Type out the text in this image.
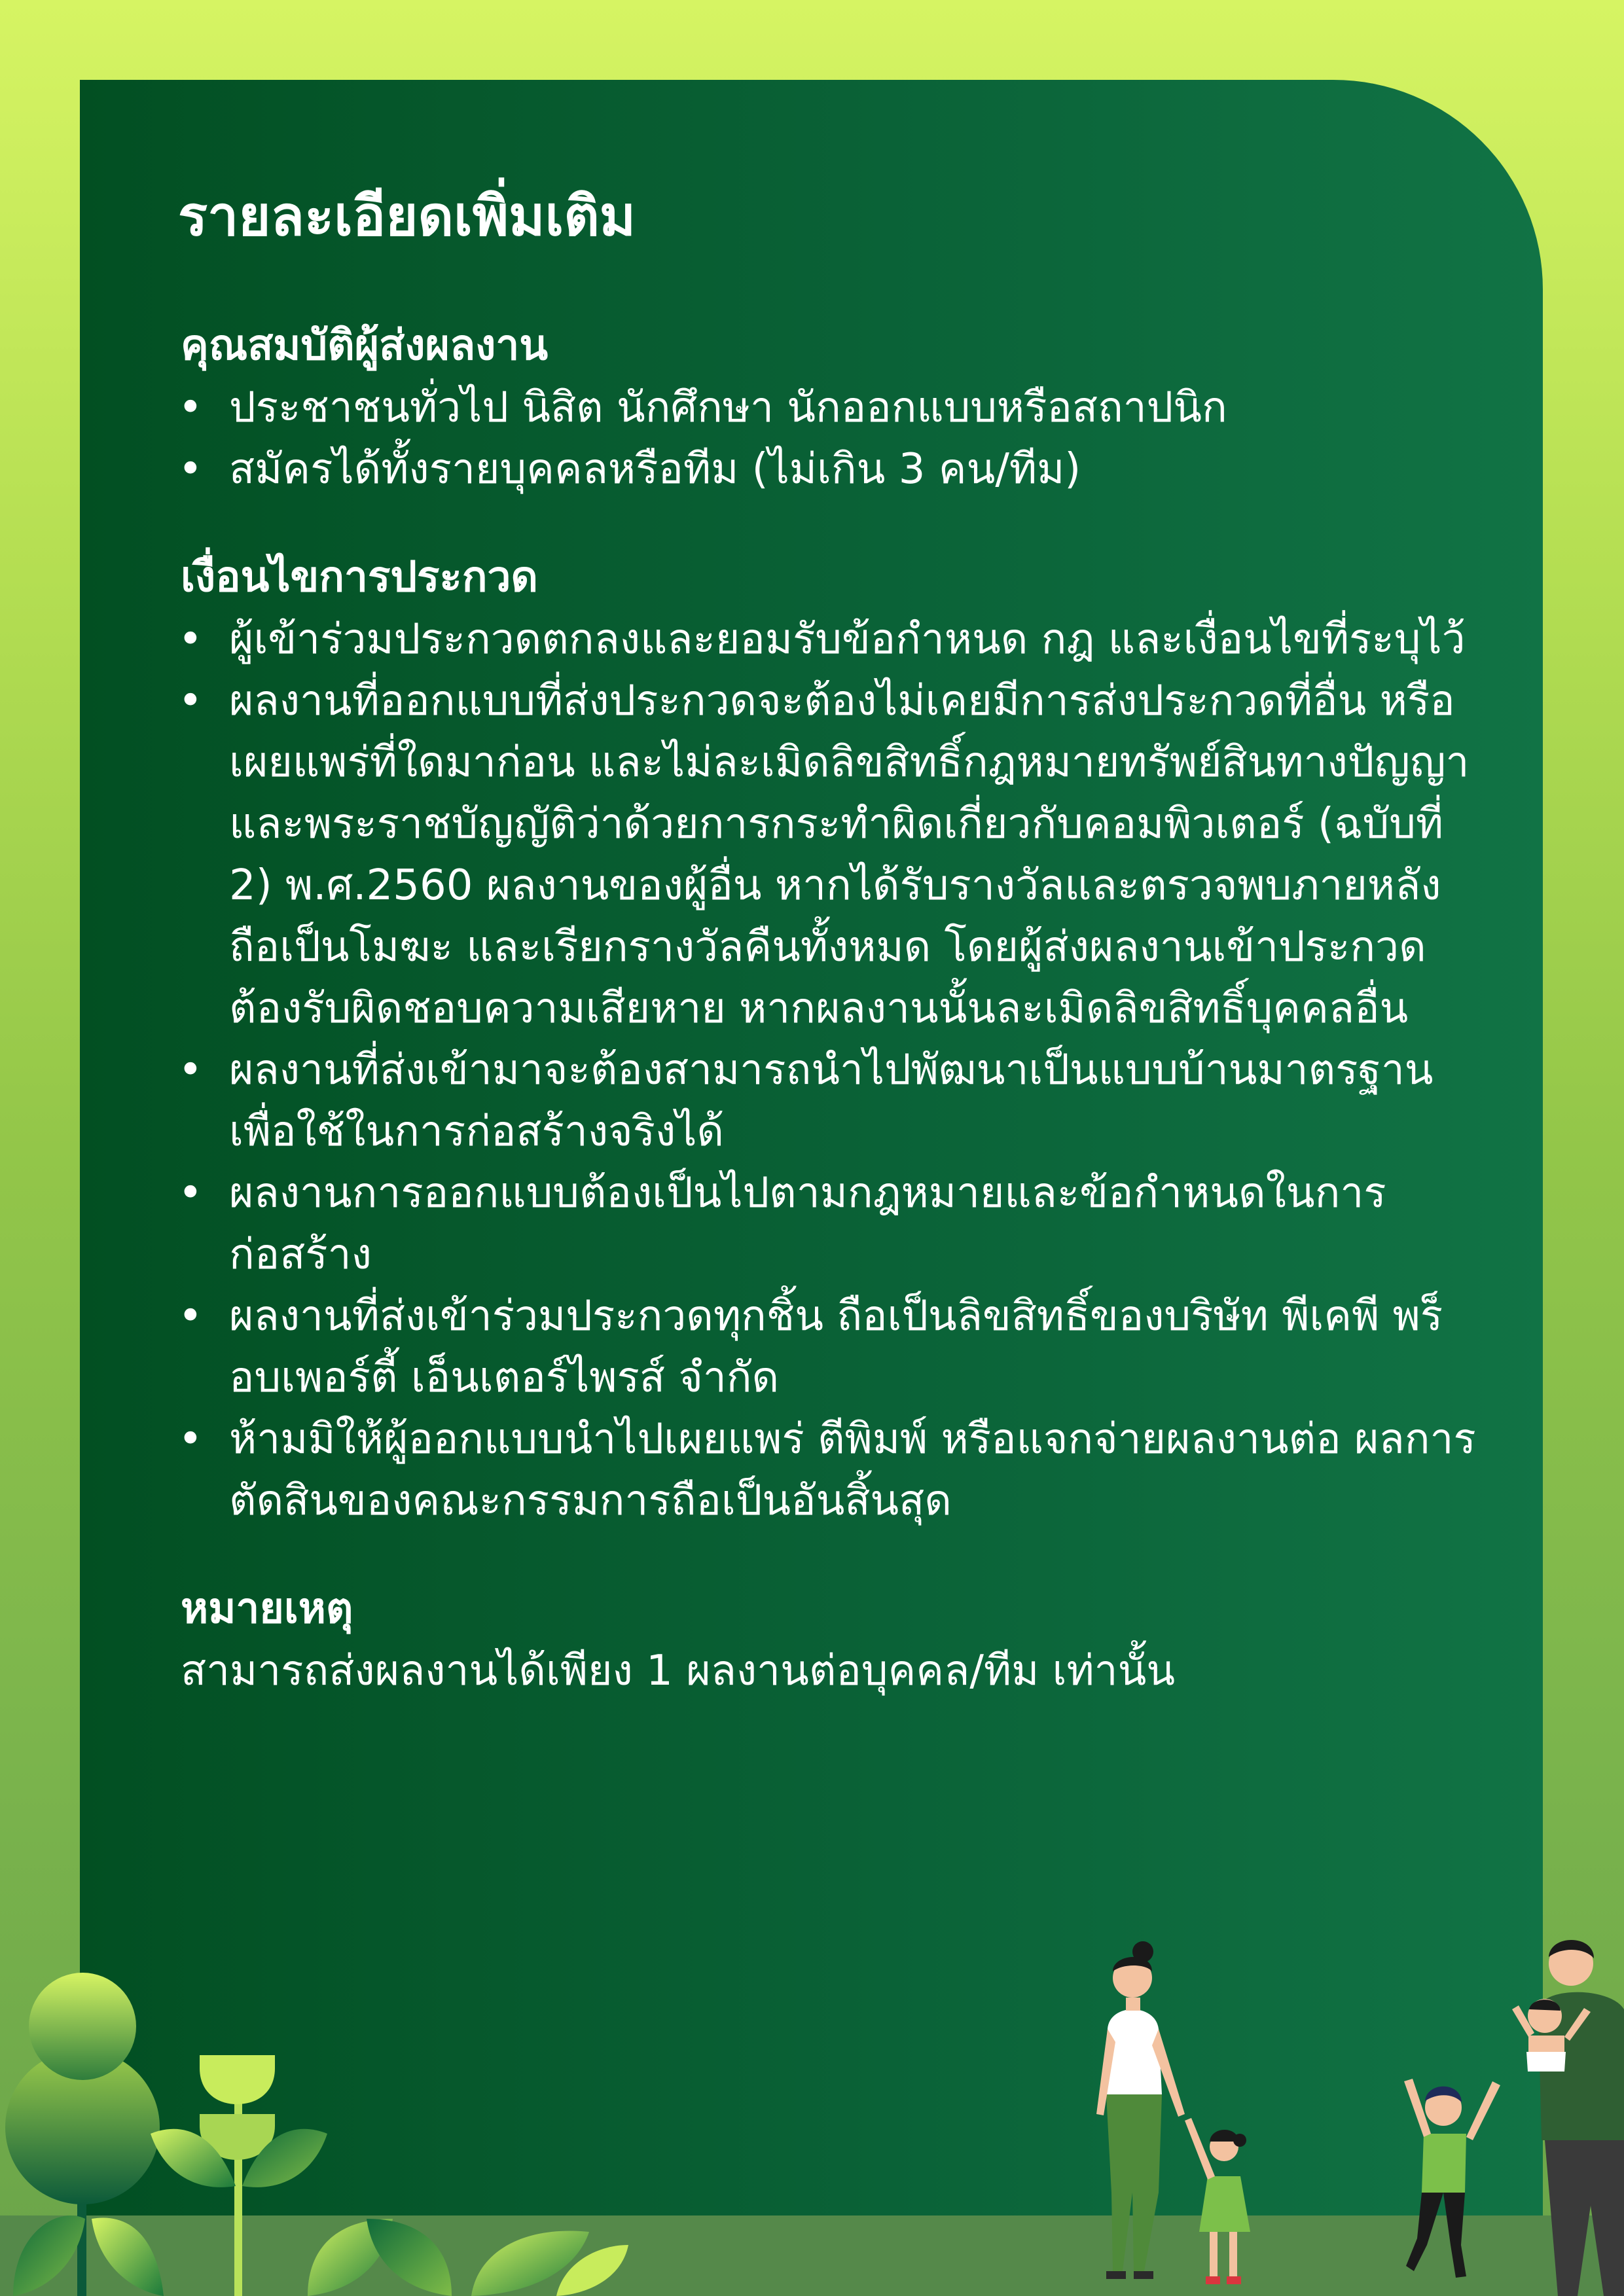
รายละเอียดเพิ่มเติม

คุณสมบัติผู้ส่งผลงาน

• ประชาชนทั่วไป นิสิต นักศึกษา นักออกแบบหรือสถาปนิก

• สมัครได้ทั้งรายบุคคลหรือทีม (ไม่เกิน 3 คน/ทีม)

เงื่อนไขการประกวด

• ผู้เข้าร่วมประกวดตกลงและยอมรับข้อกำหนด กฎ และเงื่อนไขที่ระบุไว้

• ผลงานที่ออกแบบที่ส่งประกวดจะต้องไม่เคยมีการส่งประกวดที่อื่น หรือเผยแพร่ที่ใดมาก่อน และไม่ละเมิดลิขสิทธิ์กฎหมายทรัพย์สินทางปัญญา และพระราชบัญญัติว่าด้วยการกระทำผิดเกี่ยวกับคอมพิวเตอร์ (ฉบับที่ 2) พ.ศ.2560 ผลงานของผู้อื่น หากได้รับรางวัลและตรวจพบภายหลังถือเป็นโมฆะ และเรียกรางวัลคืนทั้งหมด โดยผู้ส่งผลงานเข้าประกวดต้องรับผิดชอบความเสียหาย หากผลงานนั้นละเมิดลิขสิทธิ์บุคคลอื่น

• ผลงานที่ส่งเข้ามาจะต้องสามารถนำไปพัฒนาเป็นแบบบ้านมาตรฐาน เพื่อใช้ในการก่อสร้างจริงได้

• ผลงานการออกแบบต้องเป็นไปตามกฎหมายและข้อกำหนดในการก่อสร้าง

• ผลงานที่ส่งเข้าร่วมประกวดทุกชิ้น ถือเป็นลิขสิทธิ์ของบริษัท พีเคพี พร็อบเพอร์ตี้ เอ็นเตอร์ไพรส์ จำกัด

• ห้ามมิให้ผู้ออกแบบนำไปเผยแพร่ ตีพิมพ์ หรือแจกจ่ายผลงานต่อ ผลการตัดสินของคณะกรรมการถือเป็นอันสิ้นสุด

หมายเหตุ

สามารถส่งผลงานได้เพียง 1 ผลงานต่อบุคคล/ทีม เท่านั้น
